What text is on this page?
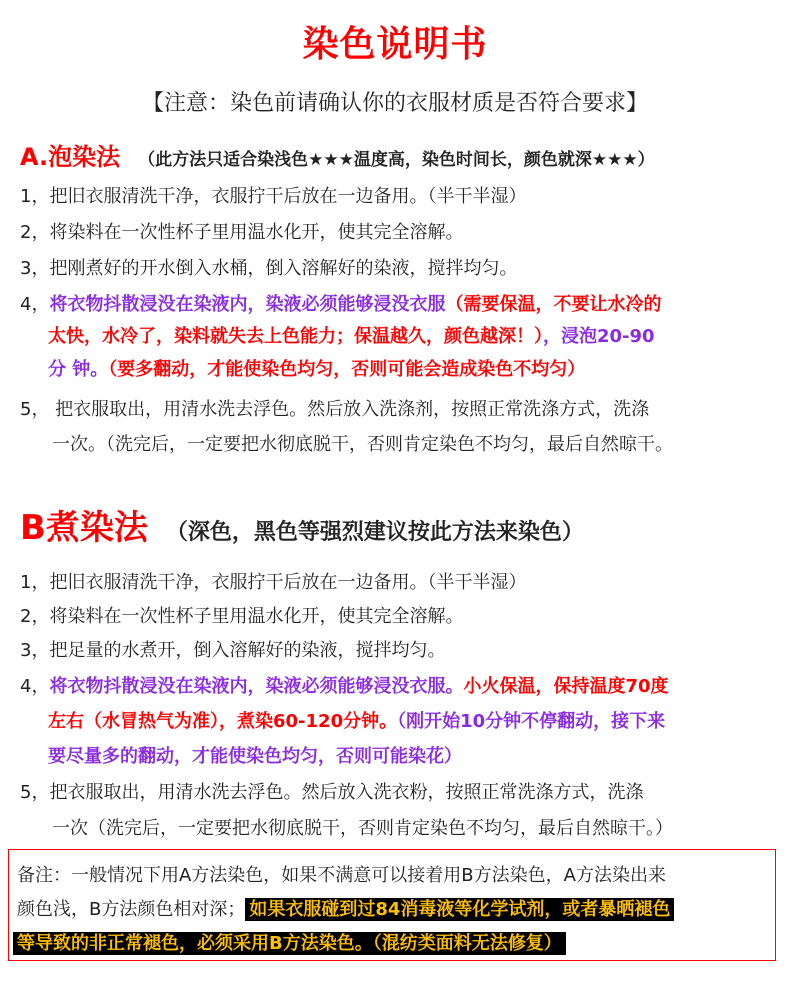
染色说明书
【注意：染色前请确认你的衣服材质是否符合要求】
A.泡染法 （此方法只适合染浅色★★★温度高，染色时间长，颜色就深★★★）
1，把旧衣服清洗干净，衣服拧干后放在一边备用。（半干半湿）
2，将染料在一次性杯子里用温水化开，使其完全溶解。
3，把刚煮好的开水倒入水桶，倒入溶解好的染液，搅拌均匀。
4，将衣物抖散浸没在染液内，染液必须能够浸没衣服（需要保温，不要让水冷的
太快，水冷了，染料就失去上色能力；保温越久，颜色越深！），浸泡20-90
分 钟。（要多翻动，才能使染色均匀，否则可能会造成染色不均匀）
5， 把衣服取出，用清水洗去浮色。然后放入洗涤剂，按照正常洗涤方式，洗涤
一次。（洗完后，一定要把水彻底脱干，否则肯定染色不均匀，最后自然晾干。
B煮染法 （深色，黑色等强烈建议按此方法来染色）
1，把旧衣服清洗干净，衣服拧干后放在一边备用。（半干半湿）
2，将染料在一次性杯子里用温水化开，使其完全溶解。
3，把足量的水煮开，倒入溶解好的染液，搅拌均匀。
4，将衣物抖散浸没在染液内，染液必须能够浸没衣服。小火保温，保持温度70度
左右（水冒热气为准），煮染60-120分钟。（刚开始10分钟不停翻动，接下来
要尽量多的翻动，才能使染色均匀，否则可能染花）
5，把衣服取出，用清水洗去浮色。然后放入洗衣粉，按照正常洗涤方式，洗涤
一次（洗完后，一定要把水彻底脱干，否则肯定染色不均匀，最后自然晾干。）
备注：一般情况下用A方法染色，如果不满意可以接着用B方法染色，A方法染出来
颜色浅，B方法颜色相对深； 如果衣服碰到过84消毒液等化学试剂，或者暴晒褪色
等导致的非正常褪色，必须采用B方法染色。（混纺类面料无法修复）
